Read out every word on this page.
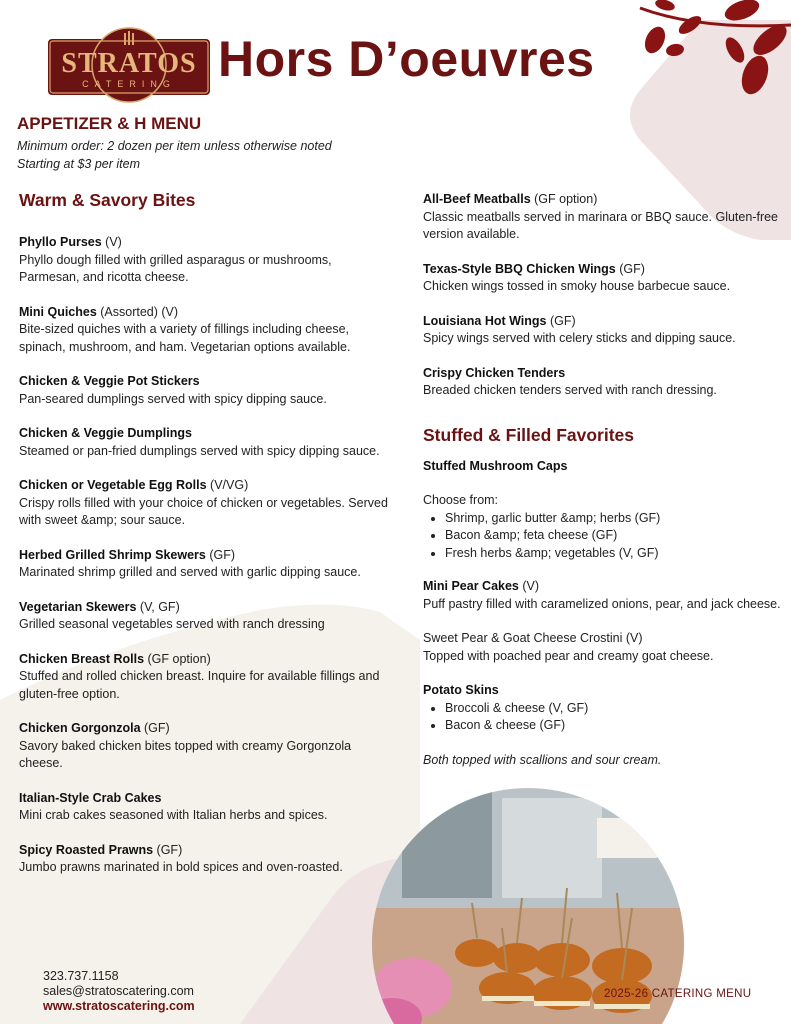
STRATOS
CATERING Hors D’oeuvres
APPETIZER & H MENU
Minimum order: 2 dozen per item unless otherwise noted
Starting at $3 per item
Warm & Savory Bites
Phyllo Purses (V)
Phyllo dough filled with grilled asparagus or mushrooms, Parmesan, and ricotta cheese.
Mini Quiches (Assorted) (V)
Bite-sized quiches with a variety of fillings including cheese, spinach, mushroom, and ham. Vegetarian options available.
Chicken & Veggie Pot Stickers
Pan-seared dumplings served with spicy dipping sauce.
Chicken & Veggie Dumplings
Steamed or pan-fried dumplings served with spicy dipping sauce.
Chicken or Vegetable Egg Rolls (V/VG)
Crispy rolls filled with your choice of chicken or vegetables. Served with sweet &amp; sour sauce.
Herbed Grilled Shrimp Skewers (GF)
Marinated shrimp grilled and served with garlic dipping sauce.
Vegetarian Skewers (V, GF)
Grilled seasonal vegetables served with ranch dressing
Chicken Breast Rolls (GF option)
Stuffed and rolled chicken breast. Inquire for available fillings and gluten-free option.
Chicken Gorgonzola (GF)
Savory baked chicken bites topped with creamy Gorgonzola cheese.
Italian-Style Crab Cakes
Mini crab cakes seasoned with Italian herbs and spices.
Spicy Roasted Prawns (GF)
Jumbo prawns marinated in bold spices and oven-roasted.
All-Beef Meatballs (GF option)
Classic meatballs served in marinara or BBQ sauce. Gluten-free version available.
Texas-Style BBQ Chicken Wings (GF)
Chicken wings tossed in smoky house barbecue sauce.
Louisiana Hot Wings (GF)
Spicy wings served with celery sticks and dipping sauce.
Crispy Chicken Tenders
Breaded chicken tenders served with ranch dressing.
Stuffed & Filled Favorites
Stuffed Mushroom Caps
Choose from:
• Shrimp, garlic butter &amp; herbs (GF)
• Bacon &amp; feta cheese (GF)
• Fresh herbs &amp; vegetables (V, GF)
Mini Pear Cakes (V)
Puff pastry filled with caramelized onions, pear, and jack cheese.
Sweet Pear & Goat Cheese Crostini (V)
Topped with poached pear and creamy goat cheese.
Potato Skins
• Broccoli & cheese (V, GF)
• Bacon & cheese (GF)
Both topped with scallions and sour cream.
323.737.1158
sales@stratoscatering.com
www.stratoscatering.com
2025-26 CATERING MENU
